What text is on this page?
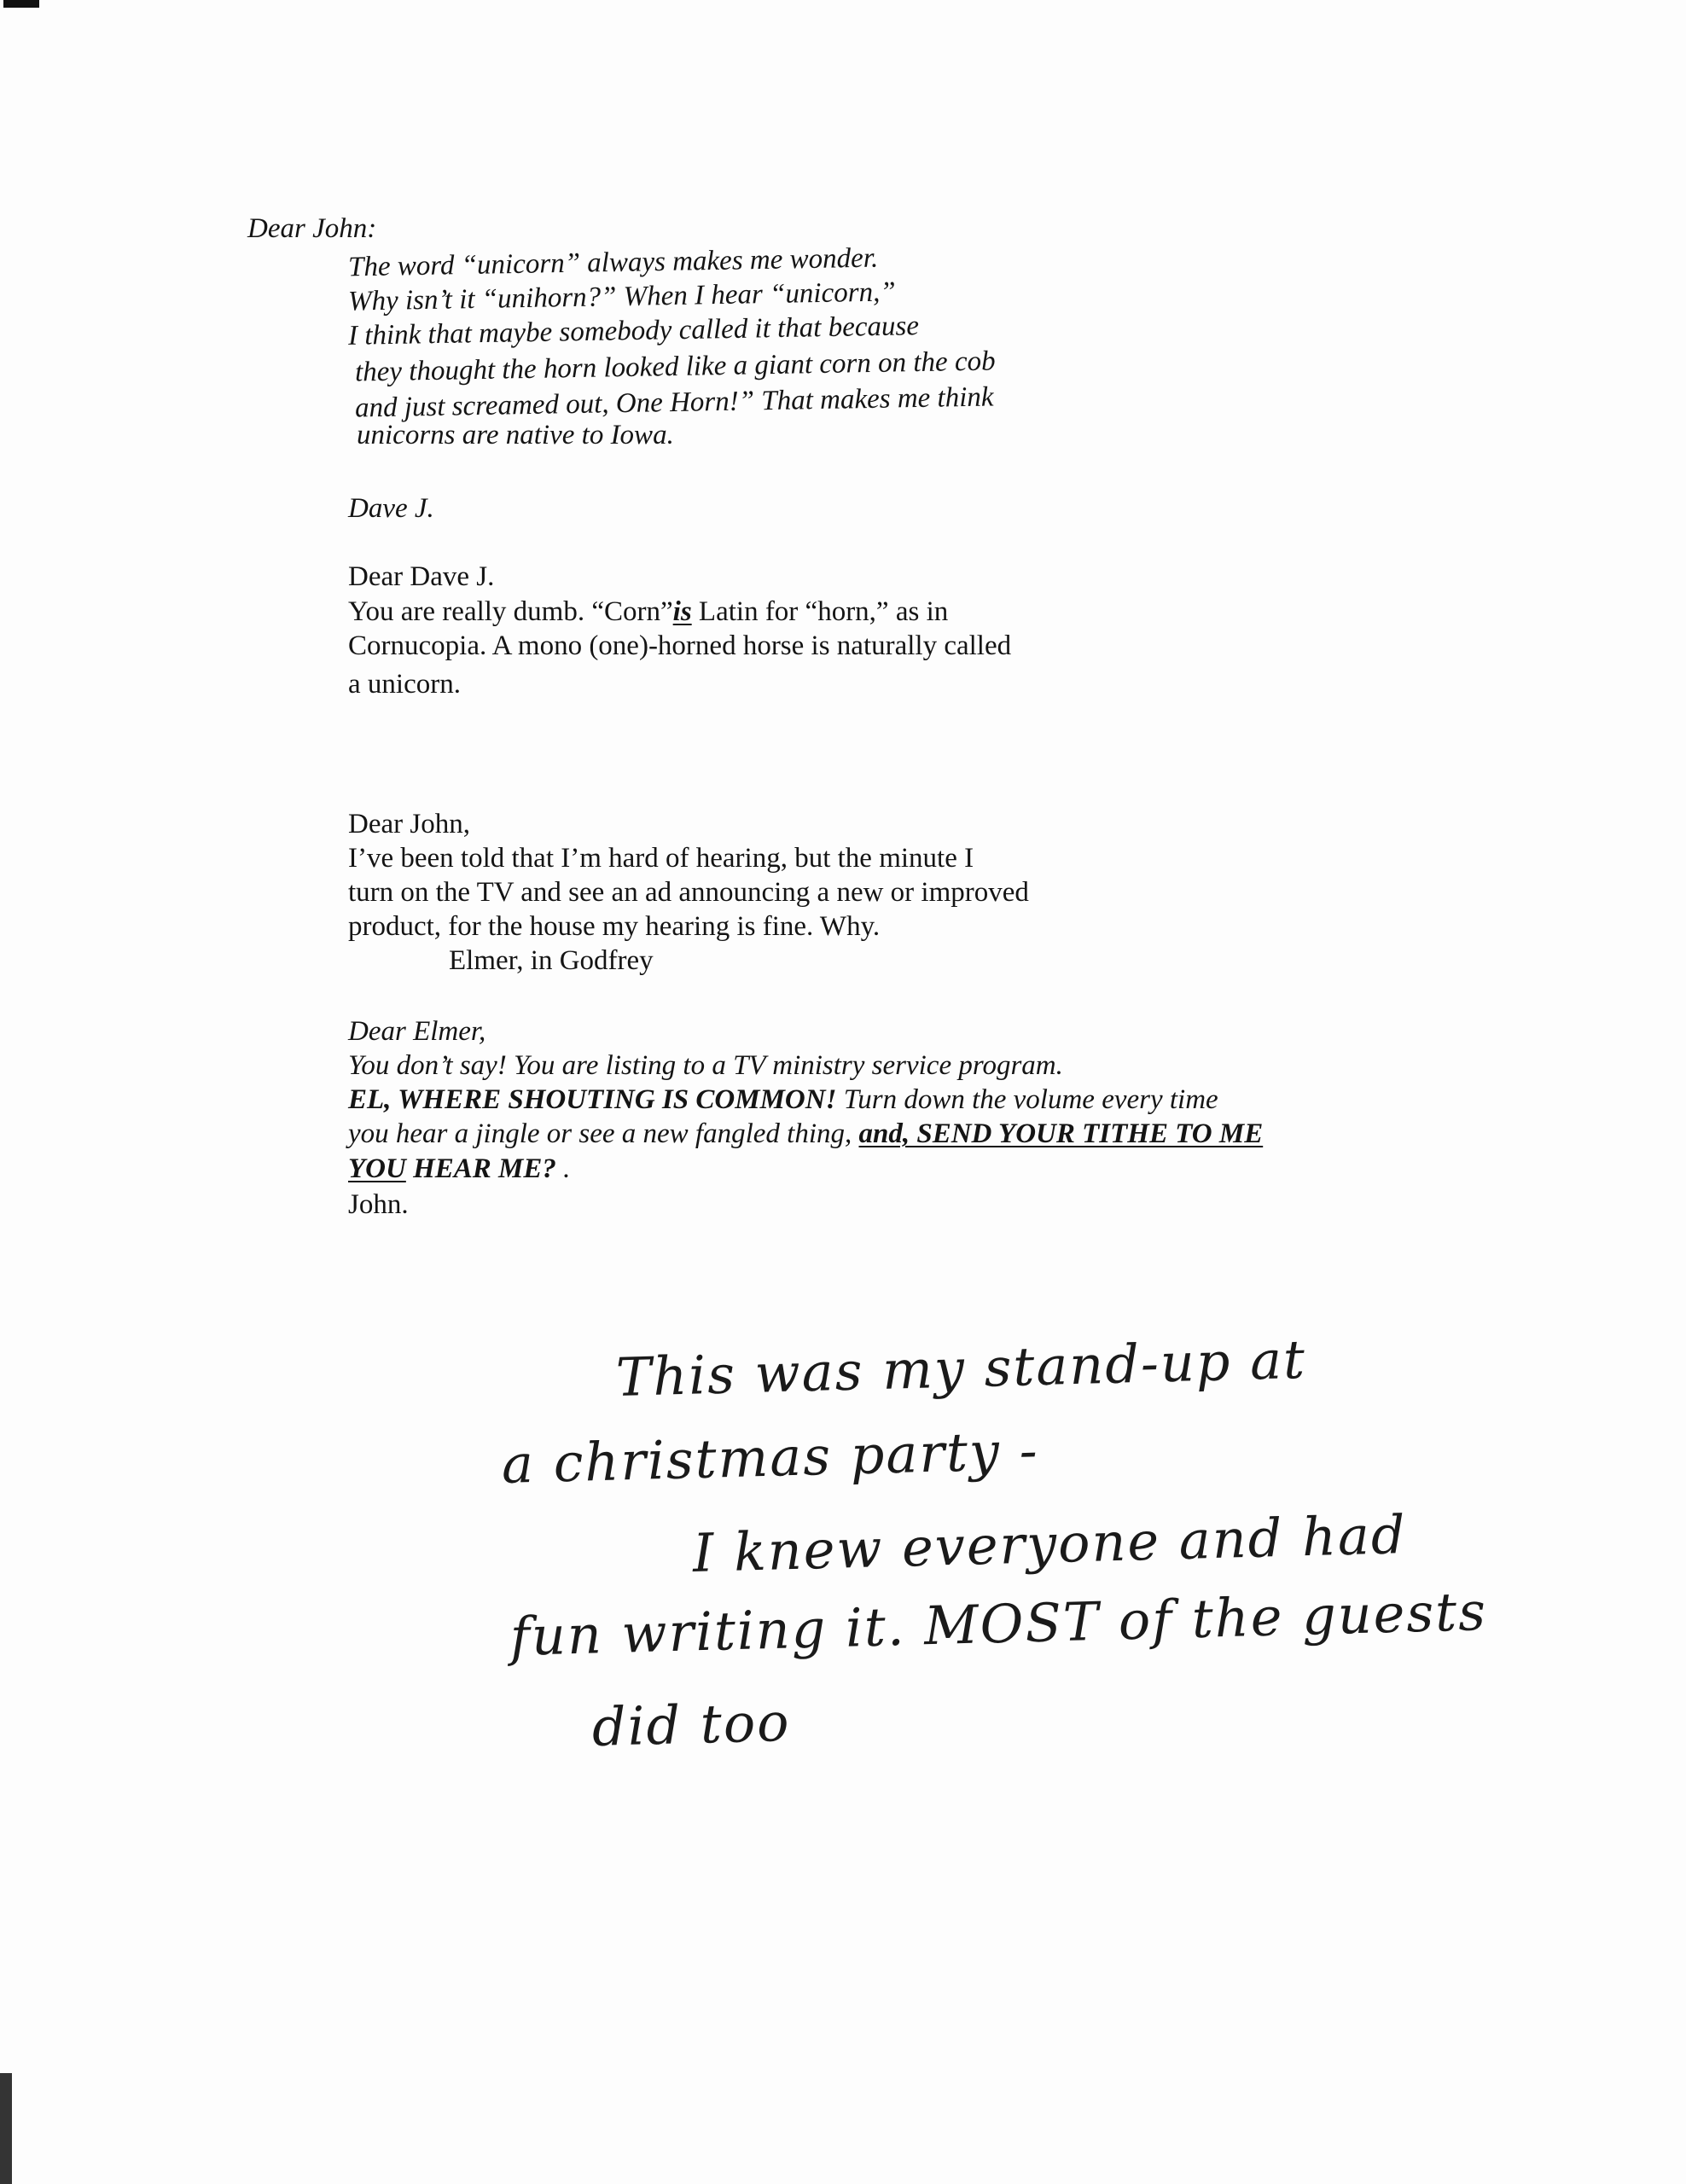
Dear John:
The word “unicorn” always makes me wonder.
Why isn’t it “unihorn?” When I hear “unicorn,”
I think that maybe somebody called it that because
they thought the horn looked like a giant corn on the cob
and just screamed out, One Horn!” That makes me think
unicorns are native to Iowa.
Dave J.
Dear Dave J.
You are really dumb. “Corn”is Latin for “horn,” as in
Cornucopia. A mono (one)-horned horse is naturally called
a unicorn.
Dear John,
I’ve been told that I’m hard of hearing, but the minute I
turn on the TV and see an ad announcing a new or improved
product, for the house my hearing is fine. Why.
Elmer, in Godfrey
Dear Elmer,
You don’t say! You are listing to a TV ministry service program.
EL, WHERE SHOUTING IS COMMON! Turn down the volume every time
you hear a jingle or see a new fangled thing, and, SEND YOUR TITHE TO ME
YOU HEAR ME? .
John.
This was my stand-up at
a christmas party -
I knew everyone and had
fun writing it. MOST of the guests
did too
